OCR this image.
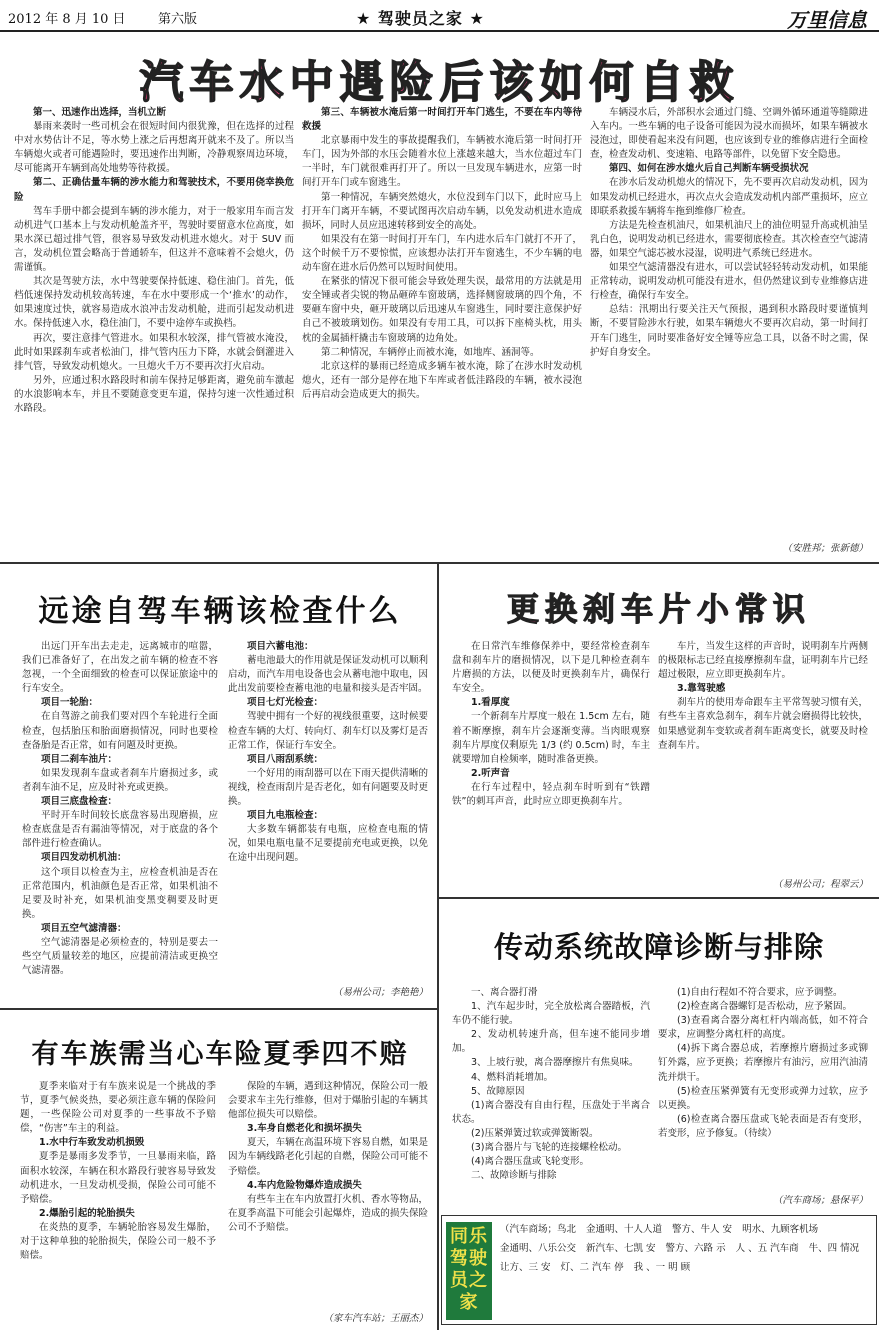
2012 年 8 月 10 日 第六版	★ 驾驶员之家 ★	万里信息
汽车水中遇险后该如何自救

第一、迅速作出选择，当机立断

暴雨来袭时一些司机会在很短时间内很犹豫，但在选择的过程中对水势估计不足，等水势上涨之后再想离开就来不及了。所以当车辆熄火或者可能遇险时，要迅速作出判断，冷静观察周边环境，尽可能离开车辆到高处地势等待救援。

第二、正确估量车辆的涉水能力和驾驶技术，不要用侥幸换危险

驾车手册中都会提到车辆的涉水能力，对于一般家用车而言发动机进气口基本上与发动机舱盖齐平，驾驶时要留意水位高度，如果水深已超过排气管，很容易导致发动机进水熄火。对于 SUV 而言，发动机位置会略高于普通轿车，但这并不意味着不会熄火，仍需谨慎。

其次是驾驶方法，水中驾驶要保持低速、稳住油门。首先，低档低速保持发动机较高转速，车在水中要形成一个‘推水’的动作，如果速度过快，就容易造成水浪冲击发动机舱，进而引起发动机进水。保持低速入水，稳住油门，不要中途停车或换档。

再次，要注意排气管进水。如果积水较深，排气管被水淹没，此时如果踩刹车或者松油门，排气管内压力下降，水就会倒灌进入排气管，导致发动机熄火。一旦熄火千万不要再次打火启动。

另外，应通过积水路段时和前车保持足够距离，避免前车激起的水浪影响本车，并且不要随意变更车道，保持匀速一次性通过积水路段。

第三、车辆被水淹后第一时间打开车门逃生，不要在车内等待救援

北京暴雨中发生的事故提醒我们，车辆被水淹后第一时间打开车门，因为外部的水压会随着水位上涨越来越大，当水位超过车门一半时，车门就很难再打开了。所以一旦发现车辆进水，应第一时间打开车门或车窗逃生。

第一种情况，车辆突然熄火，水位没到车门以下，此时应马上打开车门离开车辆，不要试图再次启动车辆，以免发动机进水造成损坏，同时人员应迅速转移到安全的高处。

如果没有在第一时间打开车门，车内进水后车门就打不开了，这个时候千万不要惊慌，应该想办法打开车窗逃生，不少车辆的电动车窗在进水后仍然可以短时间使用。

在紧张的情况下很可能会导致处理失误，最常用的方法就是用安全锤或者尖锐的物品砸碎车窗玻璃，选择侧窗玻璃的四个角，不要砸车窗中央，砸开玻璃以后迅速从车窗逃生，同时要注意保护好自己不被玻璃划伤。如果没有专用工具，可以拆下座椅头枕，用头枕的金属插杆撬击车窗玻璃的边角处。

第二种情况，车辆停止而被水淹，如地库、涵洞等。

北京这样的暴雨已经造成多辆车被水淹，除了在涉水时发动机熄火，还有一部分是停在地下车库或者低洼路段的车辆，被水浸泡后再启动会造成更大的损失。

车辆浸水后，外部积水会通过门缝、空调外循环通道等缝隙进入车内。一些车辆的电子设备可能因为浸水而损坏，如果车辆被水浸泡过，即使看起来没有问题，也应该到专业的维修店进行全面检查，检查发动机、变速箱、电路等部件，以免留下安全隐患。

第四、如何在涉水熄火后自己判断车辆受损状况

在涉水后发动机熄火的情况下，先不要再次启动发动机，因为如果发动机已经进水，再次点火会造成发动机内部严重损坏，应立即联系救援车辆将车拖到维修厂检查。

方法是先检查机油尺，如果机油尺上的油位明显升高或机油呈乳白色，说明发动机已经进水，需要彻底检查。其次检查空气滤清器，如果空气滤芯被水浸湿，说明进气系统已经进水。

如果空气滤清器没有进水，可以尝试轻轻转动发动机，如果能正常转动，说明发动机可能没有进水，但仍然建议到专业维修店进行检查，确保行车安全。

总结：汛期出行要关注天气预报，遇到积水路段时要谨慎判断，不要冒险涉水行驶，如果车辆熄火不要再次启动，第一时间打开车门逃生，同时要准备好安全锤等应急工具，以备不时之需，保护好自身安全。

（安胜邦；张新德）
远途自驾车辆该检查什么

出远门开车出去走走，远离城市的喧嚣，我们已准备好了，在出发之前车辆的检查不容忽视，一个全面细致的检查可以保证旅途中的行车安全。

项目一轮胎：

在自驾游之前我们要对四个车轮进行全面检查，包括胎压和胎面磨损情况，同时也要检查备胎是否正常，如有问题及时更换。

项目二刹车油片：

如果发现刹车盘或者刹车片磨损过多，或者刹车油不足，应及时补充或更换。

项目三底盘检查：

平时开车时间较长底盘容易出现磨损，应检查底盘是否有漏油等情况，对于底盘的各个部件进行检查确认。

项目四发动机机油：

这个项目以检查为主，应检查机油是否在正常范围内，机油颜色是否正常，如果机油不足要及时补充，如果机油变黑变稠要及时更换。

项目五空气滤清器：

空气滤清器是必须检查的，特别是要去一些空气质量较差的地区，应提前清洁或更换空气滤清器。

项目六蓄电池：

蓄电池最大的作用就是保证发动机可以顺利启动，而汽车用电设备也会从蓄电池中取电，因此出发前要检查蓄电池的电量和接头是否牢固。

项目七灯光检查：

驾驶中拥有一个好的视线很重要，这时候要检查车辆的大灯、转向灯、刹车灯以及雾灯是否正常工作，保证行车安全。

项目八雨刮系统：

一个好用的雨刮器可以在下雨天提供清晰的视线，检查雨刮片是否老化，如有问题要及时更换。

项目九电瓶检查：

大多数车辆都装有电瓶，应检查电瓶的情况，如果电瓶电量不足要提前充电或更换，以免在途中出现问题。

（易州公司；李艳艳）
更换刹车片小常识

在日常汽车维修保养中，要经常检查刹车盘和刹车片的磨损情况，以下是几种检查刹车片磨损的方法，以便及时更换刹车片，确保行车安全。

1.看厚度

一个新刹车片厚度一般在 1.5cm 左右，随着不断摩擦，刹车片会逐渐变薄。当肉眼观察刹车片厚度仅剩原先 1/3 (约 0.5cm) 时，车主就要增加自检频率，随时准备更换。

2.听声音

在行车过程中，轻点刹车时听到有“铁蹭铁”的刺耳声音，此时应立即更换刹车片。

车片，当发生这样的声音时，说明刹车片两侧的极限标志已经直接摩擦刹车盘，证明刹车片已经超过极限，应立即更换刹车片。

3.靠驾驶感

刹车片的使用寿命跟车主平常驾驶习惯有关，有些车主喜欢急刹车，刹车片就会磨损得比较快，如果感觉刹车变软或者刹车距离变长，就要及时检查刹车片。

（易州公司；程翠云）
传动系统故障诊断与排除

一、离合器打滑

1、汽车起步时，完全放松离合器踏板，汽车仍不能行驶。

2、发动机转速升高，但车速不能同步增加。

3、上坡行驶，离合器摩擦片有焦臭味。

4、燃料消耗增加。

5、故障原因

(1)离合器没有自由行程，压盘处于半离合状态。

(2)压紧弹簧过软或弹簧断裂。

(3)离合器片与飞轮的连接螺栓松动。

(4)离合器压盘或飞轮变形。

二、故障诊断与排除

(1)自由行程如不符合要求，应予调整。

(2)检查离合器螺钉是否松动，应予紧固。

(3)查看离合器分离杠杆内端高低，如不符合要求，应调整分离杠杆的高度。

(4)拆下离合器总成，若摩擦片磨损过多或铆钉外露，应予更换；若摩擦片有油污，应用汽油清洗并烘干。

(5)检查压紧弹簧有无变形或弹力过软，应予以更换。

(6)检查离合器压盘或飞轮表面是否有变形，若变形，应予修复。（待续）

（汽车商场；悬保平）
有车族需当心车险夏季四不赔

夏季来临对于有车族来说是一个挑战的季节，夏季气候炎热，要必须注意车辆的保险问题，一些保险公司对夏季的一些事故不予赔偿，“伤害”车主的利益。

1.水中行车致发动机损毁

夏季是暴雨多发季节，一旦暴雨来临，路面积水较深，车辆在积水路段行驶容易导致发动机进水，一旦发动机受损，保险公司可能不予赔偿。

2.爆胎引起的轮胎损失

在炎热的夏季，车辆轮胎容易发生爆胎，对于这种单独的轮胎损失，保险公司一般不予赔偿。

保险的车辆，遇到这种情况，保险公司一般会要求车主先行维修，但对于爆胎引起的车辆其他部位损失可以赔偿。

3.车身自燃老化和损坏损失

夏天，车辆在高温环境下容易自燃，如果是因为车辆线路老化引起的自燃，保险公司可能不予赔偿。

4.车内危险物爆炸造成损失

有些车主在车内放置打火机、香水等物品，在夏季高温下可能会引起爆炸，造成的损失保险公司不予赔偿。

（家车汽车站；王丽杰）
同乐驾驶员之家
（汽车商场；鸟北 金通明、十人人道 警方、牛人 安 明水、九顾客机场金通明、八乐公交 新汽车、七凯 安 警方、六路 示 人 、五 汽车商 牛、四 情况让方、三 安 灯、二 汽车 停 我 、一 明 顾
